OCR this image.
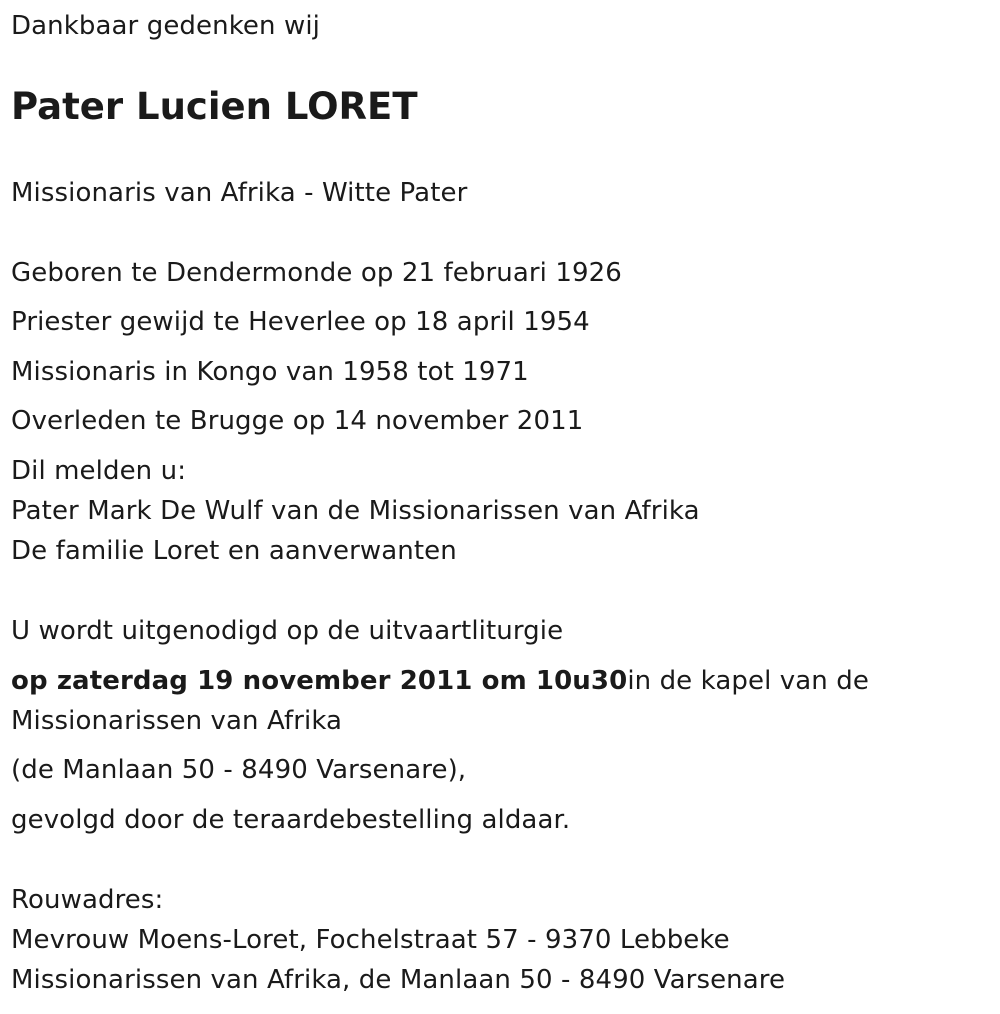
Dankbaar gedenken wij
Pater Lucien LORET
Missionaris van Afrika - Witte Pater
Geboren te Dendermonde op 21 februari 1926
Priester gewijd te Heverlee op 18 april 1954
Missionaris in Kongo van 1958 tot 1971
Overleden te Brugge op 14 november 2011
Dil melden u:
Pater Mark De Wulf van de Missionarissen van Afrika
De familie Loret en aanverwanten
U wordt uitgenodigd op de uitvaartliturgie
op zaterdag 19 november 2011 om 10u30in de kapel van de
Missionarissen van Afrika
(de Manlaan 50 - 8490 Varsenare),
gevolgd door de teraardebestelling aldaar.
Rouwadres:
Mevrouw Moens-Loret, Fochelstraat 57 - 9370 Lebbeke
Missionarissen van Afrika, de Manlaan 50 - 8490 Varsenare
